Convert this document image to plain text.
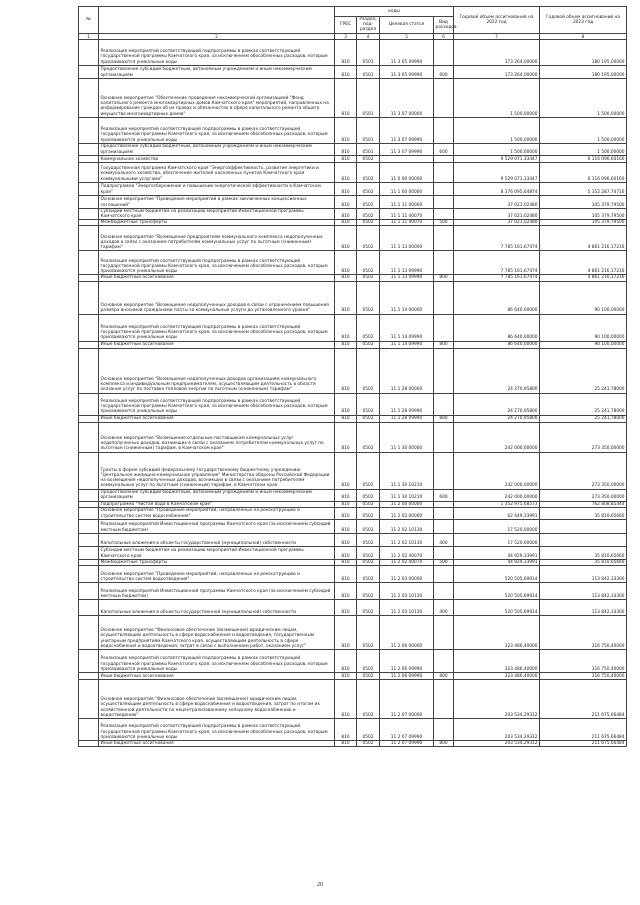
№		коды				Годовой объем ассигнований на 2022 год	Годовой объем ассигнований на 2023 год
		ГРБС	Раздел, под-раздел	Целевая статья	Вид расходов		
1	2	3	4	5	6	7	8
	Реализация мероприятий соответствующей подпрограммы в рамках соответствующей государственной программы Камчатского края, за исключением обособленных расходов, которым присваиваются уникальные коды	810	0501	11 3 05 09990		173 264,00000	180 195,00000
	Предоставление субсидий бюджетным, автономным учреждениям и иным некоммерческим организациям	810	0501	11 3 05 09990	600	173 264,00000	180 195,00000
	Основное мероприятие "Обеспечение проведения некоммерческой организацией "Фонд капитального ремонта многоквартирных домов Камчатского края" мероприятий, направленных на информирование граждан об их правах и обязанностях в сфере капитального ремонта общего имущества многоквартирных домов"	810	0501	11 3 07 00000		1 500,00000	1 500,00000
	Реализация мероприятий соответствующей подпрограммы в рамках соответствующей государственной программы Камчатского края, за исключением обособленных расходов, которым присваиваются уникальные коды	810	0501	11 3 07 09990		1 500,00000	1 500,00000
	Предоставление субсидий бюджетным, автономным учреждениям и иным некоммерческим организациям	810	0501	11 3 07 09990	600	1 500,00000	1 500,00000
	Коммунальное хозяйство	810	0502			9 529 071,33447	6 116 096,60160
	Государственная программа Камчатского края "Энергоэффективность, развитие энергетики и коммунального хозяйства, обеспечение жителей населенных пунктов Камчатского края коммунальными услугами"	810	0502	11 0 00 00000		9 529 071,33447	6 116 096,60160
	Подпрограмма "Энергосбережение и повышение энергетической эффективности в Камчатском крае"	810	0502	11 1 00 00000		8 176 095,64874	5 352 287,74716
	Основное мероприятие "Проведение мероприятий в рамках заключенных концессионных соглашений"	810	0502	11 1 11 00000		37 021,02480	105 379,79500
	Субсидии местным бюджетам на реализацию мероприятий Инвестиционной программы Камчатского края	810	0502	11 1 11 40070		37 021,02480	105 379,79500
	Межбюджетные трансферты	810	0502	11 1 11 40070	500	37 021,02480	105 379,79500
	Основное мероприятие "Возмещение предприятиям коммунального комплекса недополученных доходов в связи с оказанием потребителям коммунальных услуг по льготным (сниженным) тарифам"	810	0502	11 1 13 00000		7 785 161,67474	4 861 216,17216
	Реализация мероприятий соответствующей подпрограммы в рамках соответствующей государственной программы Камчатского края, за исключением обособленных расходов, которым присваиваются уникальные коды	810	0502	11 1 13 09990		7 785 161,67474	4 861 216,17216
	Иные бюджетные ассигнования	810	0502	11 1 13 09990	800	7 785 161,67474	4 861 216,17216
	Основное мероприятие "Возмещение недополученных доходов в связи с ограничением повышения размера вносимой гражданами платы за коммунальные услуги до установленного уровня"	810	0502	11 1 14 00000		86 640,00000	90 100,00000
	Реализация мероприятий соответствующей подпрограммы в рамках соответствующей государственной программы Камчатского края, за исключением обособленных расходов, которым присваиваются уникальные коды	810	0502	11 1 14 09990		86 640,00000	90 100,00000
	Иные бюджетные ассигнования	810	0502	11 1 14 09990	800	86 640,00000	90 100,00000
	Основное мероприятие "Возмещение недополученных доходов организациям коммунального комплекса и индивидуальным предпринимателям, осуществляющим деятельность в области оказания услуг по поставке тепловой энергии по льготным (сниженным) тарифам"	810	0502	11 1 28 00000		24 270,95800	25 241,78000
	Реализация мероприятий соответствующей подпрограммы в рамках соответствующей государственной программы Камчатского края, за исключением обособленных расходов, которым присваиваются уникальные коды	810	0502	11 1 28 09990		24 270,95800	25 241,78000
	Иные бюджетные ассигнования	810	0502	11 1 28 09990	800	24 270,95800	25 241,78000
	Основное мероприятие "Возмещение отдельным поставщикам коммунальных услуг недополученных доходов, возникших в связи с оказанием потребителям коммунальных услуг по льготным (сниженным) тарифам, в Камчатском крае"	810	0502	11 1 30 00000		242 000,00000	273 350,00000
	Гранты в форме субсидий федеральному государственному бюджетному учреждению "Центральное жилищно-коммунальное управление" Министерства обороны Российской Федерации на возмещение недополученных доходов, возникших в связи с оказанием потребителям коммунальных услуг по льготным (сниженным) тарифам, в Камчатском крае	810	0502	11 1 30 10210		242 000,00000	273 350,00000
	Предоставление субсидий бюджетным, автономным учреждениям и иным некоммерческим организациям	810	0502	11 1 30 10210	600	242 000,00000	273 350,00000
	Подпрограмма "Чистая вода в Камчатском крае"	810	0502	11 2 00 00000		1 352 975,68573	762 808,85444
	Основное мероприятие "Проведение мероприятий, направленных на реконструкцию и строительство систем водоснабжения"	810	0502	11 2 02 00000		62 449,33991	35 810,65660
	Реализация мероприятий Инвестиционной программы Камчатского края (за исключением субсидий местным бюджетам)	810	0502	11 2 02 10130		17 520,00000	
	Капитальные вложения в объекты государственной (муниципальной) собственности	810	0502	11 2 02 10130	400	17 520,00000	
	Субсидии местным бюджетам на реализацию мероприятий Инвестиционной программы Камчатского края	810	0502	11 2 02 40070		44 929,33991	35 810,65660
	Межбюджетные трансферты	810	0502	11 2 02 40070	500	44 929,33991	35 810,65660
	Основное мероприятие "Проведение мероприятий, направленных на реконструкцию и строительство систем водоотведения"	810	0502	11 2 03 00000		520 505,69914	113 842,33300
	Реализация мероприятий Инвестиционной программы Камчатского края (за исключением субсидий местным бюджетам)	810	0502	11 2 03 10130		520 505,69914	113 842,33300
	Капитальные вложения в объекты государственной (муниципальной) собственности	810	0502	11 2 03 10130	400	520 505,69914	113 842,33300
	Основное мероприятие "Финансовое обеспечение (возмещение) юридическим лицам, осуществляющим деятельность в сфере водоснабжения и водоотведения, государственным унитарным предприятиям Камчатского края, осуществляющим деятельность в сфере водоснабжения и водоотведения, затрат в связи с выполнением работ, оказанием услуг"	810	0502	11 2 06 00000		323 486,40000	316 750,40000
	Реализация мероприятий соответствующей подпрограммы в рамках соответствующей государственной программы Камчатского края, за исключением обособленных расходов, которым присваиваются уникальные коды	810	0502	11 2 06 09990		323 486,40000	316 750,40000
	Иные бюджетные ассигнования	810	0502	11 2 06 09990	800	323 486,40000	316 750,40000
	Основное мероприятие "Финансовое обеспечение (возмещение) юридическим лицам, осуществляющим деятельность в сфере водоснабжения и водоотведения, затрат по итогам их хозяйственной деятельности по нецентрализованному холодному водоснабжению и водоотведению"	810	0502	11 2 07 00000		203 534,29312	211 675,66484
	Реализация мероприятий соответствующей подпрограммы в рамках соответствующей государственной программы Камчатского края, за исключением обособленных расходов, которым присваиваются уникальные коды	810	0502	11 2 07 09990		203 534,29312	211 675,66484
	Иные бюджетные ассигнования	810	0502	11 2 07 09990	800	203 534,29312	211 675,66484
20
